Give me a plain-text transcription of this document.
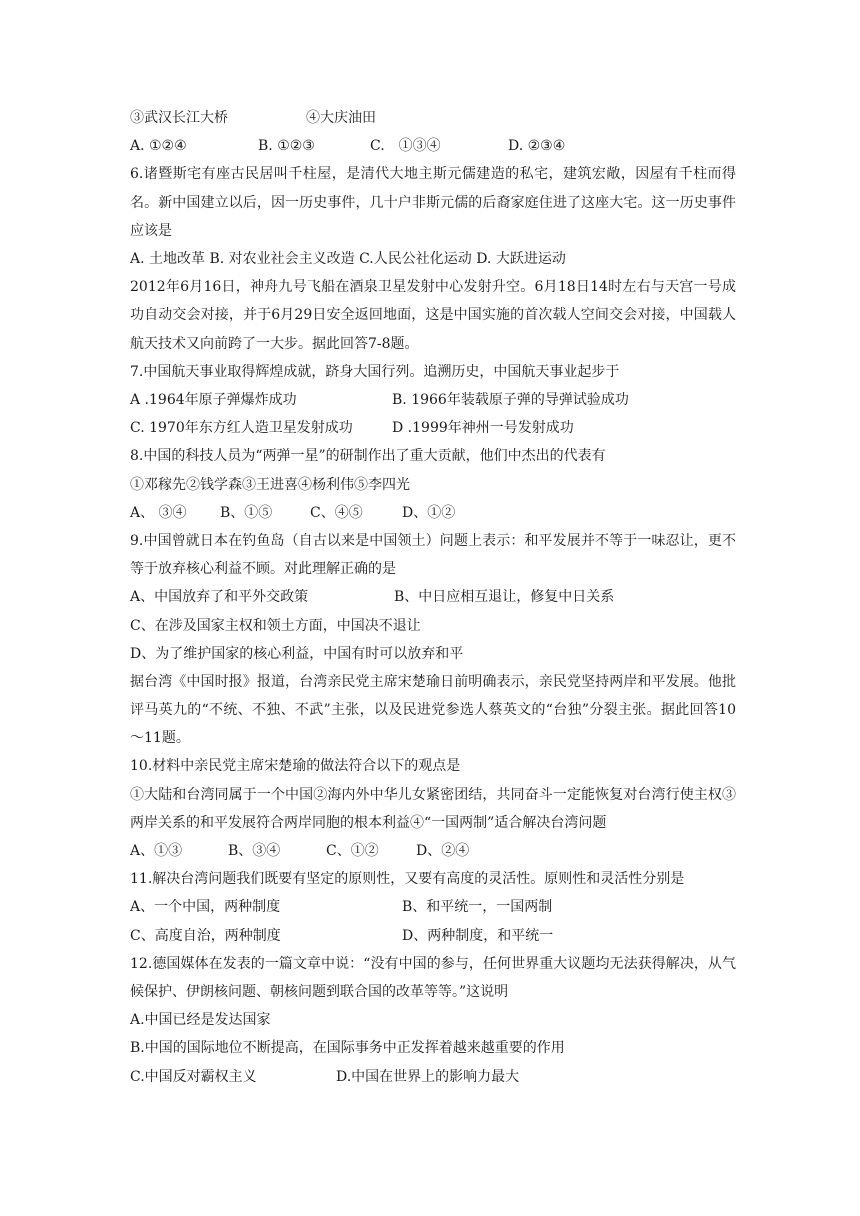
③武汉长江大桥	④大庆油田
A. ①②④	B. ①②③	C.　①③④	D. ②③④
6.诸暨斯宅有座古民居叫千柱屋，是清代大地主斯元儒建造的私宅，建筑宏敞，因屋有千柱而得名。新中国建立以后，因一历史事件，几十户非斯元儒的后裔家庭住进了这座大宅。这一历史事件应该是
A. 土地改革 B. 对农业社会主义改造 C.人民公社化运动 D. 大跃进运动
2012年6月16日，神舟九号飞船在酒泉卫星发射中心发射升空。6月18日14时左右与天宫一号成功自动交会对接，并于6月29日安全返回地面，这是中国实施的首次载人空间交会对接，中国载人航天技术又向前跨了一大步。据此回答7-8题。
7.中国航天事业取得辉煌成就，跻身大国行列。追溯历史，中国航天事业起步于
A .1964年原子弹爆炸成功	B. 1966年装载原子弹的导弹试验成功
C. 1970年东方红人造卫星发射成功	D .1999年神州一号发射成功
8.中国的科技人员为“两弹一星”的研制作出了重大贡献，他们中杰出的代表有
①邓稼先②钱学森③王进喜④杨利伟⑤李四光
A、 ③④	B、①⑤	C、④⑤	D、①②
9.中国曾就日本在钓鱼岛（自古以来是中国领土）问题上表示：和平发展并不等于一味忍让，更不等于放弃核心利益不顾。对此理解正确的是
A、中国放弃了和平外交政策	B、中日应相互退让，修复中日关系
C、在涉及国家主权和领土方面，中国决不退让
D、为了维护国家的核心利益，中国有时可以放弃和平
据台湾《中国时报》报道，台湾亲民党主席宋楚瑜日前明确表示，亲民党坚持两岸和平发展。他批评马英九的“不统、不独、不武”主张，以及民进党参选人蔡英文的“台独”分裂主张。据此回答10～11题。
10.材料中亲民党主席宋楚瑜的做法符合以下的观点是
①大陆和台湾同属于一个中国②海内外中华儿女紧密团结，共同奋斗一定能恢复对台湾行使主权③两岸关系的和平发展符合两岸同胞的根本利益④“一国两制”适合解决台湾问题
A、①③	B、③④	C、①②	D、②④
11.解决台湾问题我们既要有坚定的原则性，又要有高度的灵活性。原则性和灵活性分别是
A、一个中国，两种制度	B、和平统一，一国两制
C、高度自治，两种制度	D、两种制度，和平统一
12.德国媒体在发表的一篇文章中说：“没有中国的参与，任何世界重大议题均无法获得解决，从气候保护、伊朗核问题、朝核问题到联合国的改革等等。”这说明
A.中国已经是发达国家
B.中国的国际地位不断提高，在国际事务中正发挥着越来越重要的作用
C.中国反对霸权主义	D.中国在世界上的影响力最大
